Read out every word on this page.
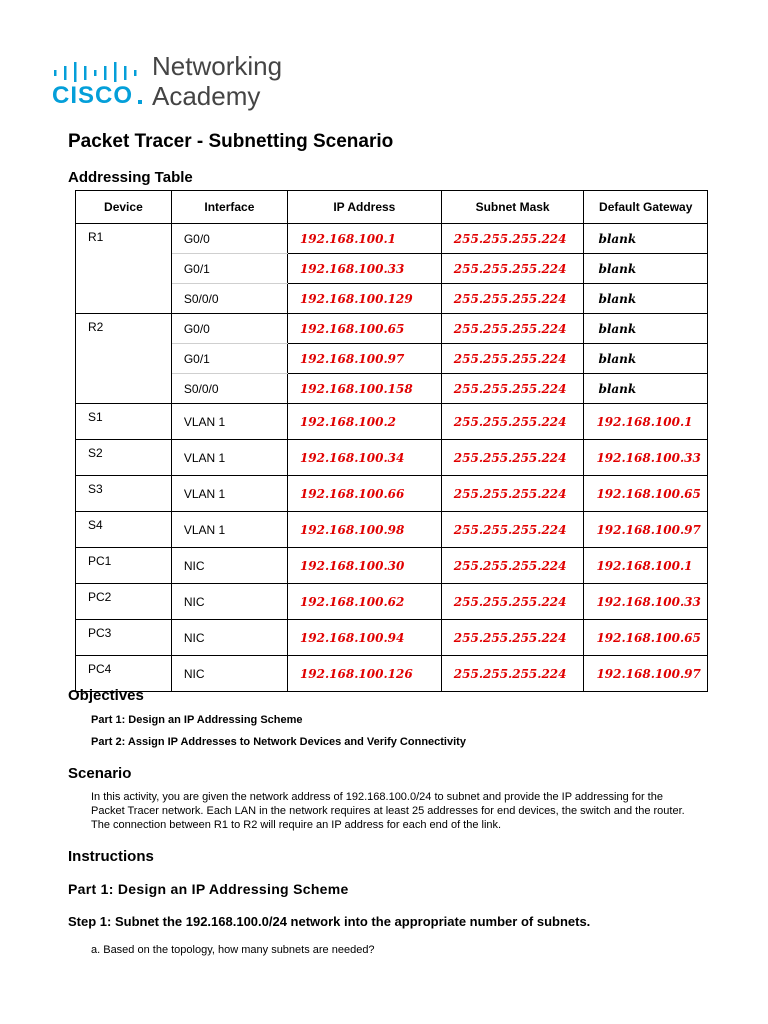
CISCO
Networking
Academy
Packet Tracer - Subnetting Scenario
Addressing Table
Device	Interface	IP Address	Subnet Mask	Default Gateway
R1	G0/0	192.168.100.1	255.255.255.224	blank
	G0/1	192.168.100.33	255.255.255.224	blank
	S0/0/0	192.168.100.129	255.255.255.224	blank
R2	G0/0	192.168.100.65	255.255.255.224	blank
	G0/1	192.168.100.97	255.255.255.224	blank
	S0/0/0	192.168.100.158	255.255.255.224	blank
S1	VLAN 1	192.168.100.2	255.255.255.224	192.168.100.1
S2	VLAN 1	192.168.100.34	255.255.255.224	192.168.100.33
S3	VLAN 1	192.168.100.66	255.255.255.224	192.168.100.65
S4	VLAN 1	192.168.100.98	255.255.255.224	192.168.100.97
PC1	NIC	192.168.100.30	255.255.255.224	192.168.100.1
PC2	NIC	192.168.100.62	255.255.255.224	192.168.100.33
PC3	NIC	192.168.100.94	255.255.255.224	192.168.100.65
PC4	NIC	192.168.100.126	255.255.255.224	192.168.100.97
Objectives
Part 1: Design an IP Addressing Scheme
Part 2: Assign IP Addresses to Network Devices and Verify Connectivity
Scenario
In this activity, you are given the network address of 192.168.100.0/24 to subnet and provide the IP addressing for the Packet Tracer network. Each LAN in the network requires at least 25 addresses for end devices, the switch and the router. The connection between R1 to R2 will require an IP address for each end of the link.
Instructions
Part 1: Design an IP Addressing Scheme
Step 1: Subnet the 192.168.100.0/24 network into the appropriate number of subnets.
a. Based on the topology, how many subnets are needed?
